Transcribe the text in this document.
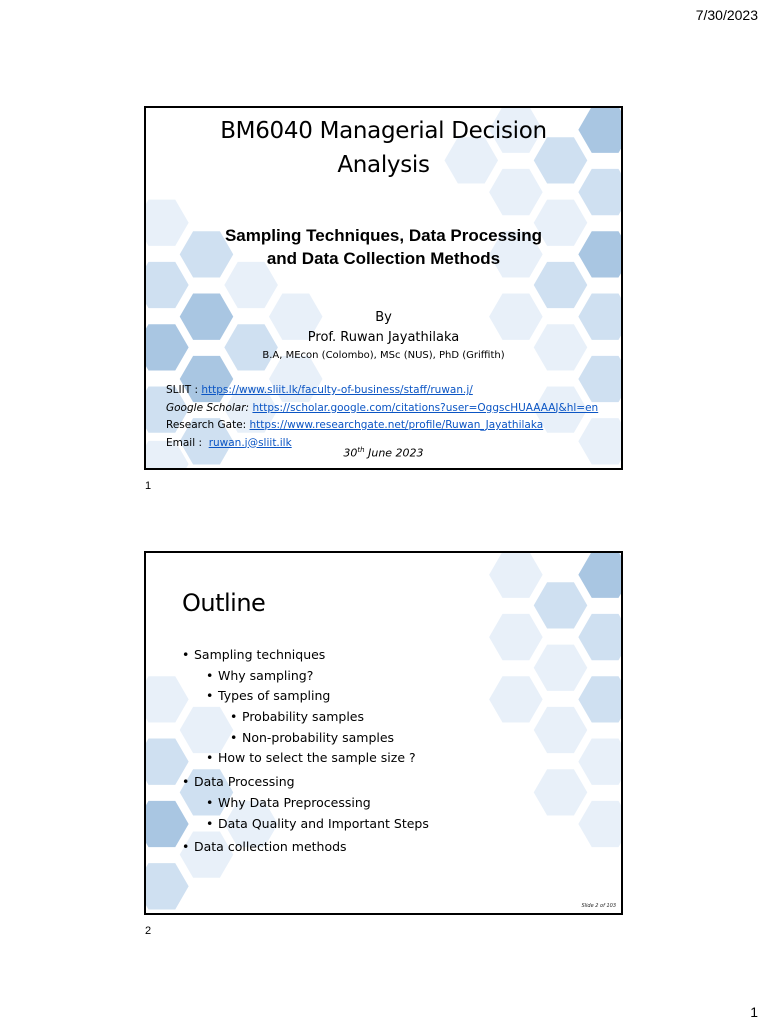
7/30/2023
BM6040 Managerial Decision
Analysis
Sampling Techniques, Data Processing
and Data Collection Methods
By
Prof. Ruwan Jayathilaka
B.A, MEcon (Colombo), MSc (NUS), PhD (Griffith)
SLIIT : https://www.sliit.lk/faculty-of-business/staff/ruwan.j/
Google Scholar: https://scholar.google.com/citations?user=OggscHUAAAAJ&hl=en
Research Gate: https://www.researchgate.net/profile/Ruwan_Jayathilaka
Email :  ruwan.j@sliit.ilk
30th June 2023
1
Outline
• Sampling techniques
• Why sampling?
• Types of sampling
• Probability samples
• Non-probability samples
• How to select the sample size ?
• Data Processing
• Why Data Preprocessing
• Data Quality and Important Steps
• Data collection methods
Slide 2 of 103
2
1
